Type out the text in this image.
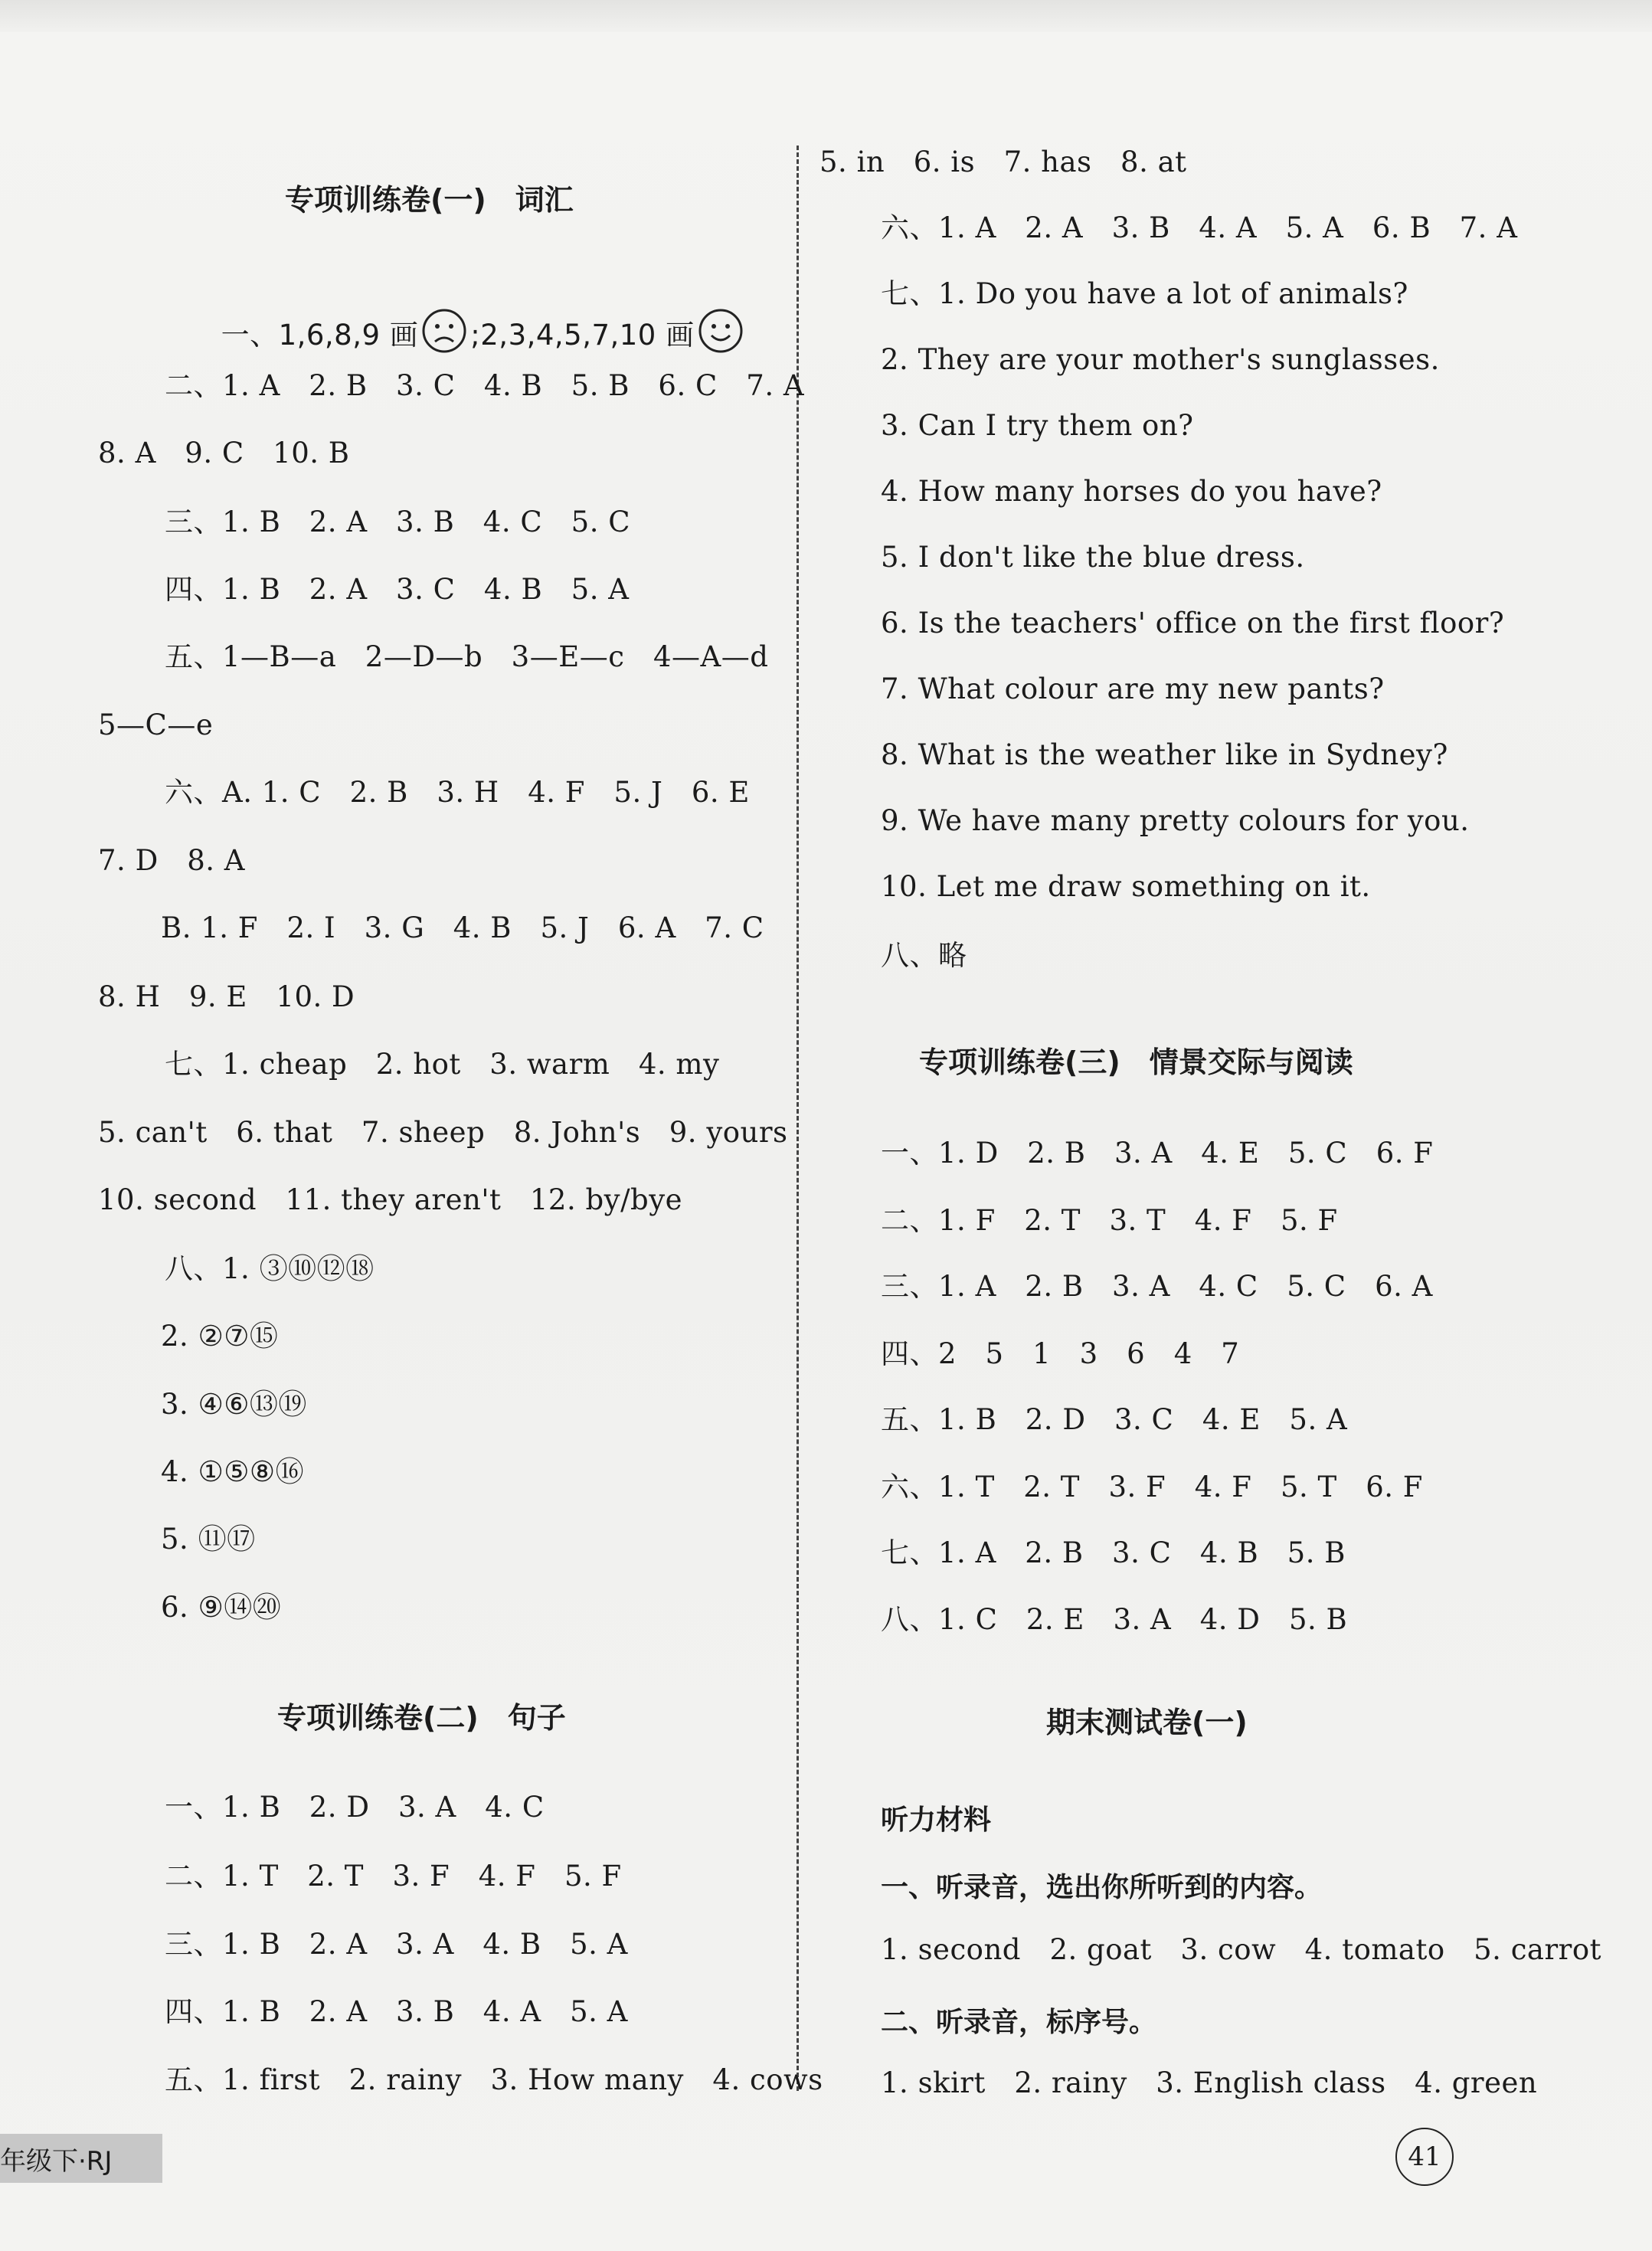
专项训练卷(一)　词汇

一、1,6,8,9 画 ;2,3,4,5,7,10 画

二、1. A　2. B　3. C　4. B　5. B　6. C　7. A
8. A　9. C　10. B
三、1. B　2. A　3. B　4. C　5. C
四、1. B　2. A　3. C　4. B　5. A
五、1—B—a　2—D—b　3—E—c　4—A—d
5—C—e
六、A. 1. C　2. B　3. H　4. F　5. J　6. E
7. D　8. A
B. 1. F　2. I　3. G　4. B　5. J　6. A　7. C
8. H　9. E　10. D
七、1. cheap　2. hot　3. warm　4. my
5. can't　6. that　7. sheep　8. John's　9. yours
10. second　11. they aren't　12. by/bye
八、1. ③⑩⑫⑱
2. ②⑦⑮
3. ④⑥⑬⑲
4. ①⑤⑧⑯
5. ⑪⑰
6. ⑨⑭⑳
专项训练卷(二)　句子
一、1. B　2. D　3. A　4. C
二、1. T　2. T　3. F　4. F　5. F
三、1. B　2. A　3. A　4. B　5. A
四、1. B　2. A　3. B　4. A　5. A
五、1. first　2. rainy　3. How many　4. cows
5. in　6. is　7. has　8. at
六、1. A　2. A　3. B　4. A　5. A　6. B　7. A
七、1. Do you have a lot of animals?
2. They are your mother's sunglasses.
3. Can I try them on?
4. How many horses do you have?
5. I don't like the blue dress.
6. Is the teachers' office on the first floor?
7. What colour are my new pants?
8. What is the weather like in Sydney?
9. We have many pretty colours for you.
10. Let me draw something on it.
八、略
专项训练卷(三)　情景交际与阅读
一、1. D　2. B　3. A　4. E　5. C　6. F
二、1. F　2. T　3. T　4. F　5. F
三、1. A　2. B　3. A　4. C　5. C　6. A
四、2　5　1　3　6　4　7
五、1. B　2. D　3. C　4. E　5. A
六、1. T　2. T　3. F　4. F　5. T　6. F
七、1. A　2. B　3. C　4. B　5. B
八、1. C　2. E　3. A　4. D　5. B
期末测试卷(一)
听力材料
一、听录音，选出你所听到的内容。
1. second　2. goat　3. cow　4. tomato　5. carrot
二、听录音，标序号。
1. skirt　2. rainy　3. English class　4. green
年级下·RJ	41
